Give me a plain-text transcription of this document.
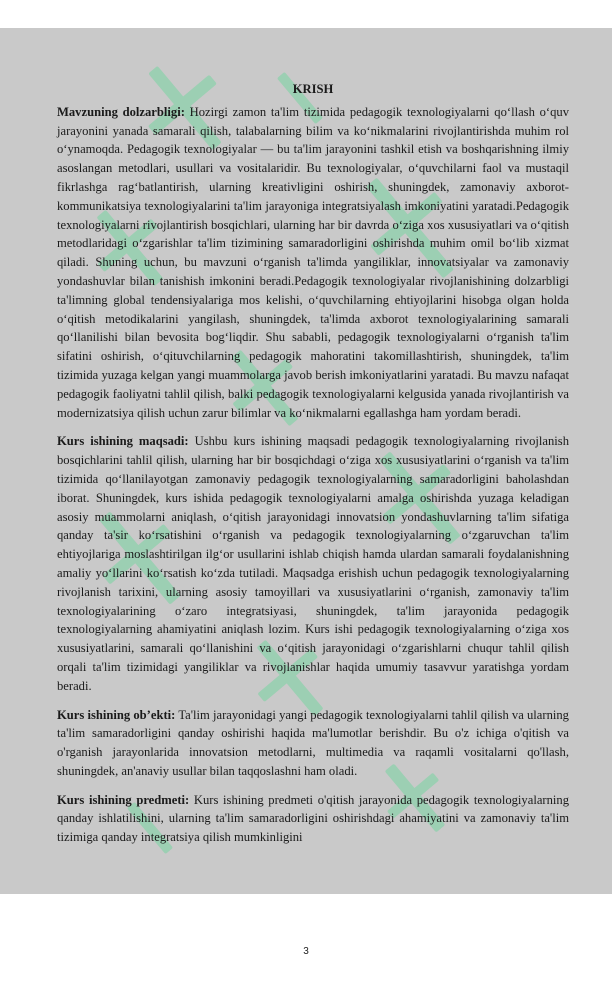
KRISH

Mavzuning dolzarbligi: Hozirgi zamon ta'lim tizimida pedagogik texnologiyalarni qo‘llash o‘quv jarayonini yanada samarali qilish, talabalarning bilim va ko‘nikmalarini rivojlantirishda muhim rol o‘ynamoqda. Pedagogik texnologiyalar — bu ta'lim jarayonini tashkil etish va boshqarishning ilmiy asoslangan metodlari, usullari va vositalaridir. Bu texnologiyalar, o‘quvchilarni faol va mustaqil fikrlashga rag‘batlantirish, ularning kreativligini oshirish, shuningdek, zamonaviy axborot-kommunikatsiya texnologiyalarini ta'lim jarayoniga integratsiyalash imkoniyatini yaratadi.Pedagogik texnologiyalarni rivojlantirish bosqichlari, ularning har bir davrda o‘ziga xos xususiyatlari va o‘qitish metodlaridagi o‘zgarishlar ta'lim tizimining samaradorligini oshirishda muhim omil bo‘lib xizmat qiladi. Shuning uchun, bu mavzuni o‘rganish ta'limda yangiliklar, innovatsiyalar va zamonaviy yondashuvlar bilan tanishish imkonini beradi.Pedagogik texnologiyalar rivojlanishining dolzarbligi ta'limning global tendensiyalariga mos kelishi, o‘quvchilarning ehtiyojlarini hisobga olgan holda o‘qitish metodikalarini yangilash, shuningdek, ta'limda axborot texnologiyalarining samarali qo‘llanilishi bilan bevosita bog‘liqdir. Shu sababli, pedagogik texnologiyalarni o‘rganish ta'lim sifatini oshirish, o‘qituvchilarning pedagogik mahoratini takomillashtirish, shuningdek, ta'lim tizimida yuzaga kelgan yangi muammolarga javob berish imkoniyatlarini yaratadi. Bu mavzu nafaqat pedagogik faoliyatni tahlil qilish, balki pedagogik texnologiyalarni kelgusida yanada rivojlantirish va modernizatsiya qilish uchun zarur bilimlar va ko‘nikmalarni egallashga ham yordam beradi.

Kurs ishining maqsadi: Ushbu kurs ishining maqsadi pedagogik texnologiyalarning rivojlanish bosqichlarini tahlil qilish, ularning har bir bosqichdagi o‘ziga xos xususiyatlarini o‘rganish va ta'lim tizimida qo‘llanilayotgan zamonaviy pedagogik texnologiyalarning samaradorligini baholashdan iborat. Shuningdek, kurs ishida pedagogik texnologiyalarni amalga oshirishda yuzaga keladigan asosiy muammolarni aniqlash, o‘qitish jarayonidagi innovatsion yondashuvlarning ta'lim sifatiga qanday ta'sir ko‘rsatishini o‘rganish va pedagogik texnologiyalarning o‘zgaruvchan ta'lim ehtiyojlariga moslashtirilgan ilg‘or usullarini ishlab chiqish hamda ulardan samarali foydalanishning amaliy yo‘llarini ko‘rsatish ko‘zda tutiladi. Maqsadga erishish uchun pedagogik texnologiyalarning rivojlanish tarixini, ularning asosiy tamoyillari va xususiyatlarini o‘rganish, zamonaviy ta'lim texnologiyalarining o‘zaro integratsiyasi, shuningdek, ta'lim jarayonida pedagogik texnologiyalarning ahamiyatini aniqlash lozim. Kurs ishi pedagogik texnologiyalarning o‘ziga xos xususiyatlarini, samarali qo‘llanishini va o‘qitish jarayonidagi o‘zgarishlarni chuqur tahlil qilish orqali ta'lim tizimidagi yangiliklar va rivojlanishlar haqida umumiy tasavvur yaratishga yordam beradi.

Kurs ishining ob’ekti: Ta'lim jarayonidagi yangi pedagogik texnologiyalarni tahlil qilish va ularning ta'lim samaradorligini qanday oshirishi haqida ma'lumotlar berishdir. Bu o'z ichiga o'qitish va o'rganish jarayonlarida innovatsion metodlarni, multimedia va raqamli vositalarni qo'llash, shuningdek, an'anaviy usullar bilan taqqoslashni ham oladi.

Kurs ishining predmeti: Kurs ishining predmeti o'qitish jarayonida pedagogik texnologiyalarning qanday ishlatilishini, ularning ta'lim samaradorligini oshirishdagi ahamiyatini va zamonaviy ta'lim tizimiga qanday integratsiya qilish mumkinligini

3
